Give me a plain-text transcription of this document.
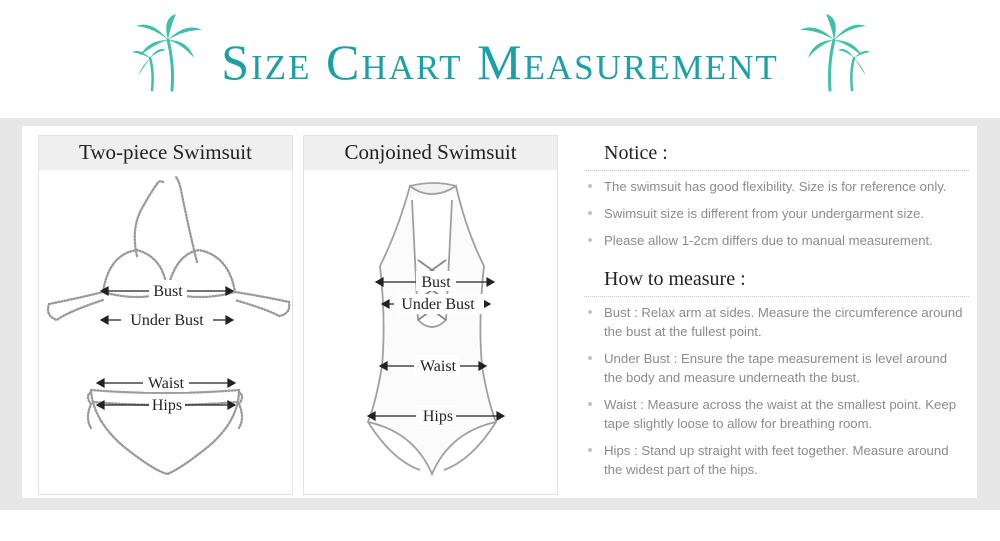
Size Chart Measurement
Two-piece Swimsuit
Bust
Under Bust
Waist
Hips
Conjoined Swimsuit
Bust
Under Bust
Waist
Hips
Notice :
The swimsuit has good flexibility. Size is for reference only.
Swimsuit size is different from your undergarment size.
Please allow 1-2cm differs due to manual measurement.
How to measure :
Bust : Relax arm at sides. Measure the circumference around the bust at the fullest point.
Under Bust : Ensure the tape measurement is level around the body and measure underneath the bust.
Waist : Measure across the waist at the smallest point. Keep tape slightly loose to allow for breathing room.
Hips : Stand up straight with feet together. Measure around the widest part of the hips.
